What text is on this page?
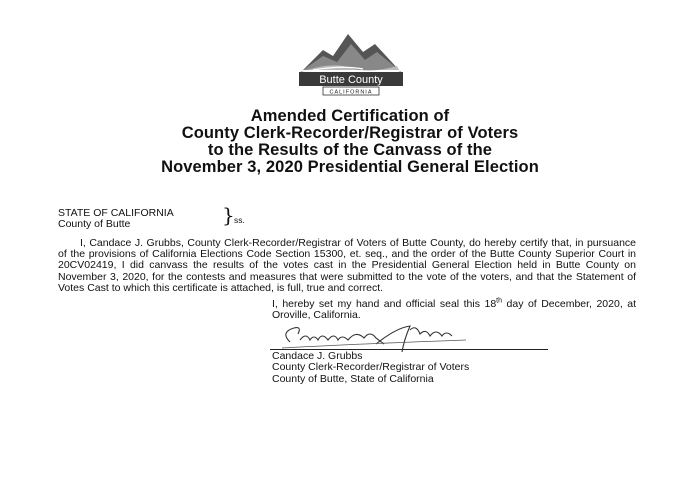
Butte County
CALIFORNIA
Amended Certification of
County Clerk-Recorder/Registrar of Voters
to the Results of the Canvass of the
November 3, 2020 Presidential General Election
STATE OF CALIFORNIA
County of Butte	} ss.
I, Candace J. Grubbs, County Clerk-Recorder/Registrar of Voters of Butte County, do hereby certify that, in pursuance of the provisions of California Elections Code Section 15300, et. seq., and the order of the Butte County Superior Court in 20CV02419, I did canvass the results of the votes cast in the Presidential General Election held in Butte County on November 3, 2020, for the contests and measures that were submitted to the vote of the voters, and that the Statement of Votes Cast to which this certificate is attached, is full, true and correct.
I, hereby set my hand and official seal this 18th day of December, 2020, at Oroville, California.
Candace J. Grubbs
County Clerk-Recorder/Registrar of Voters
County of Butte, State of California
